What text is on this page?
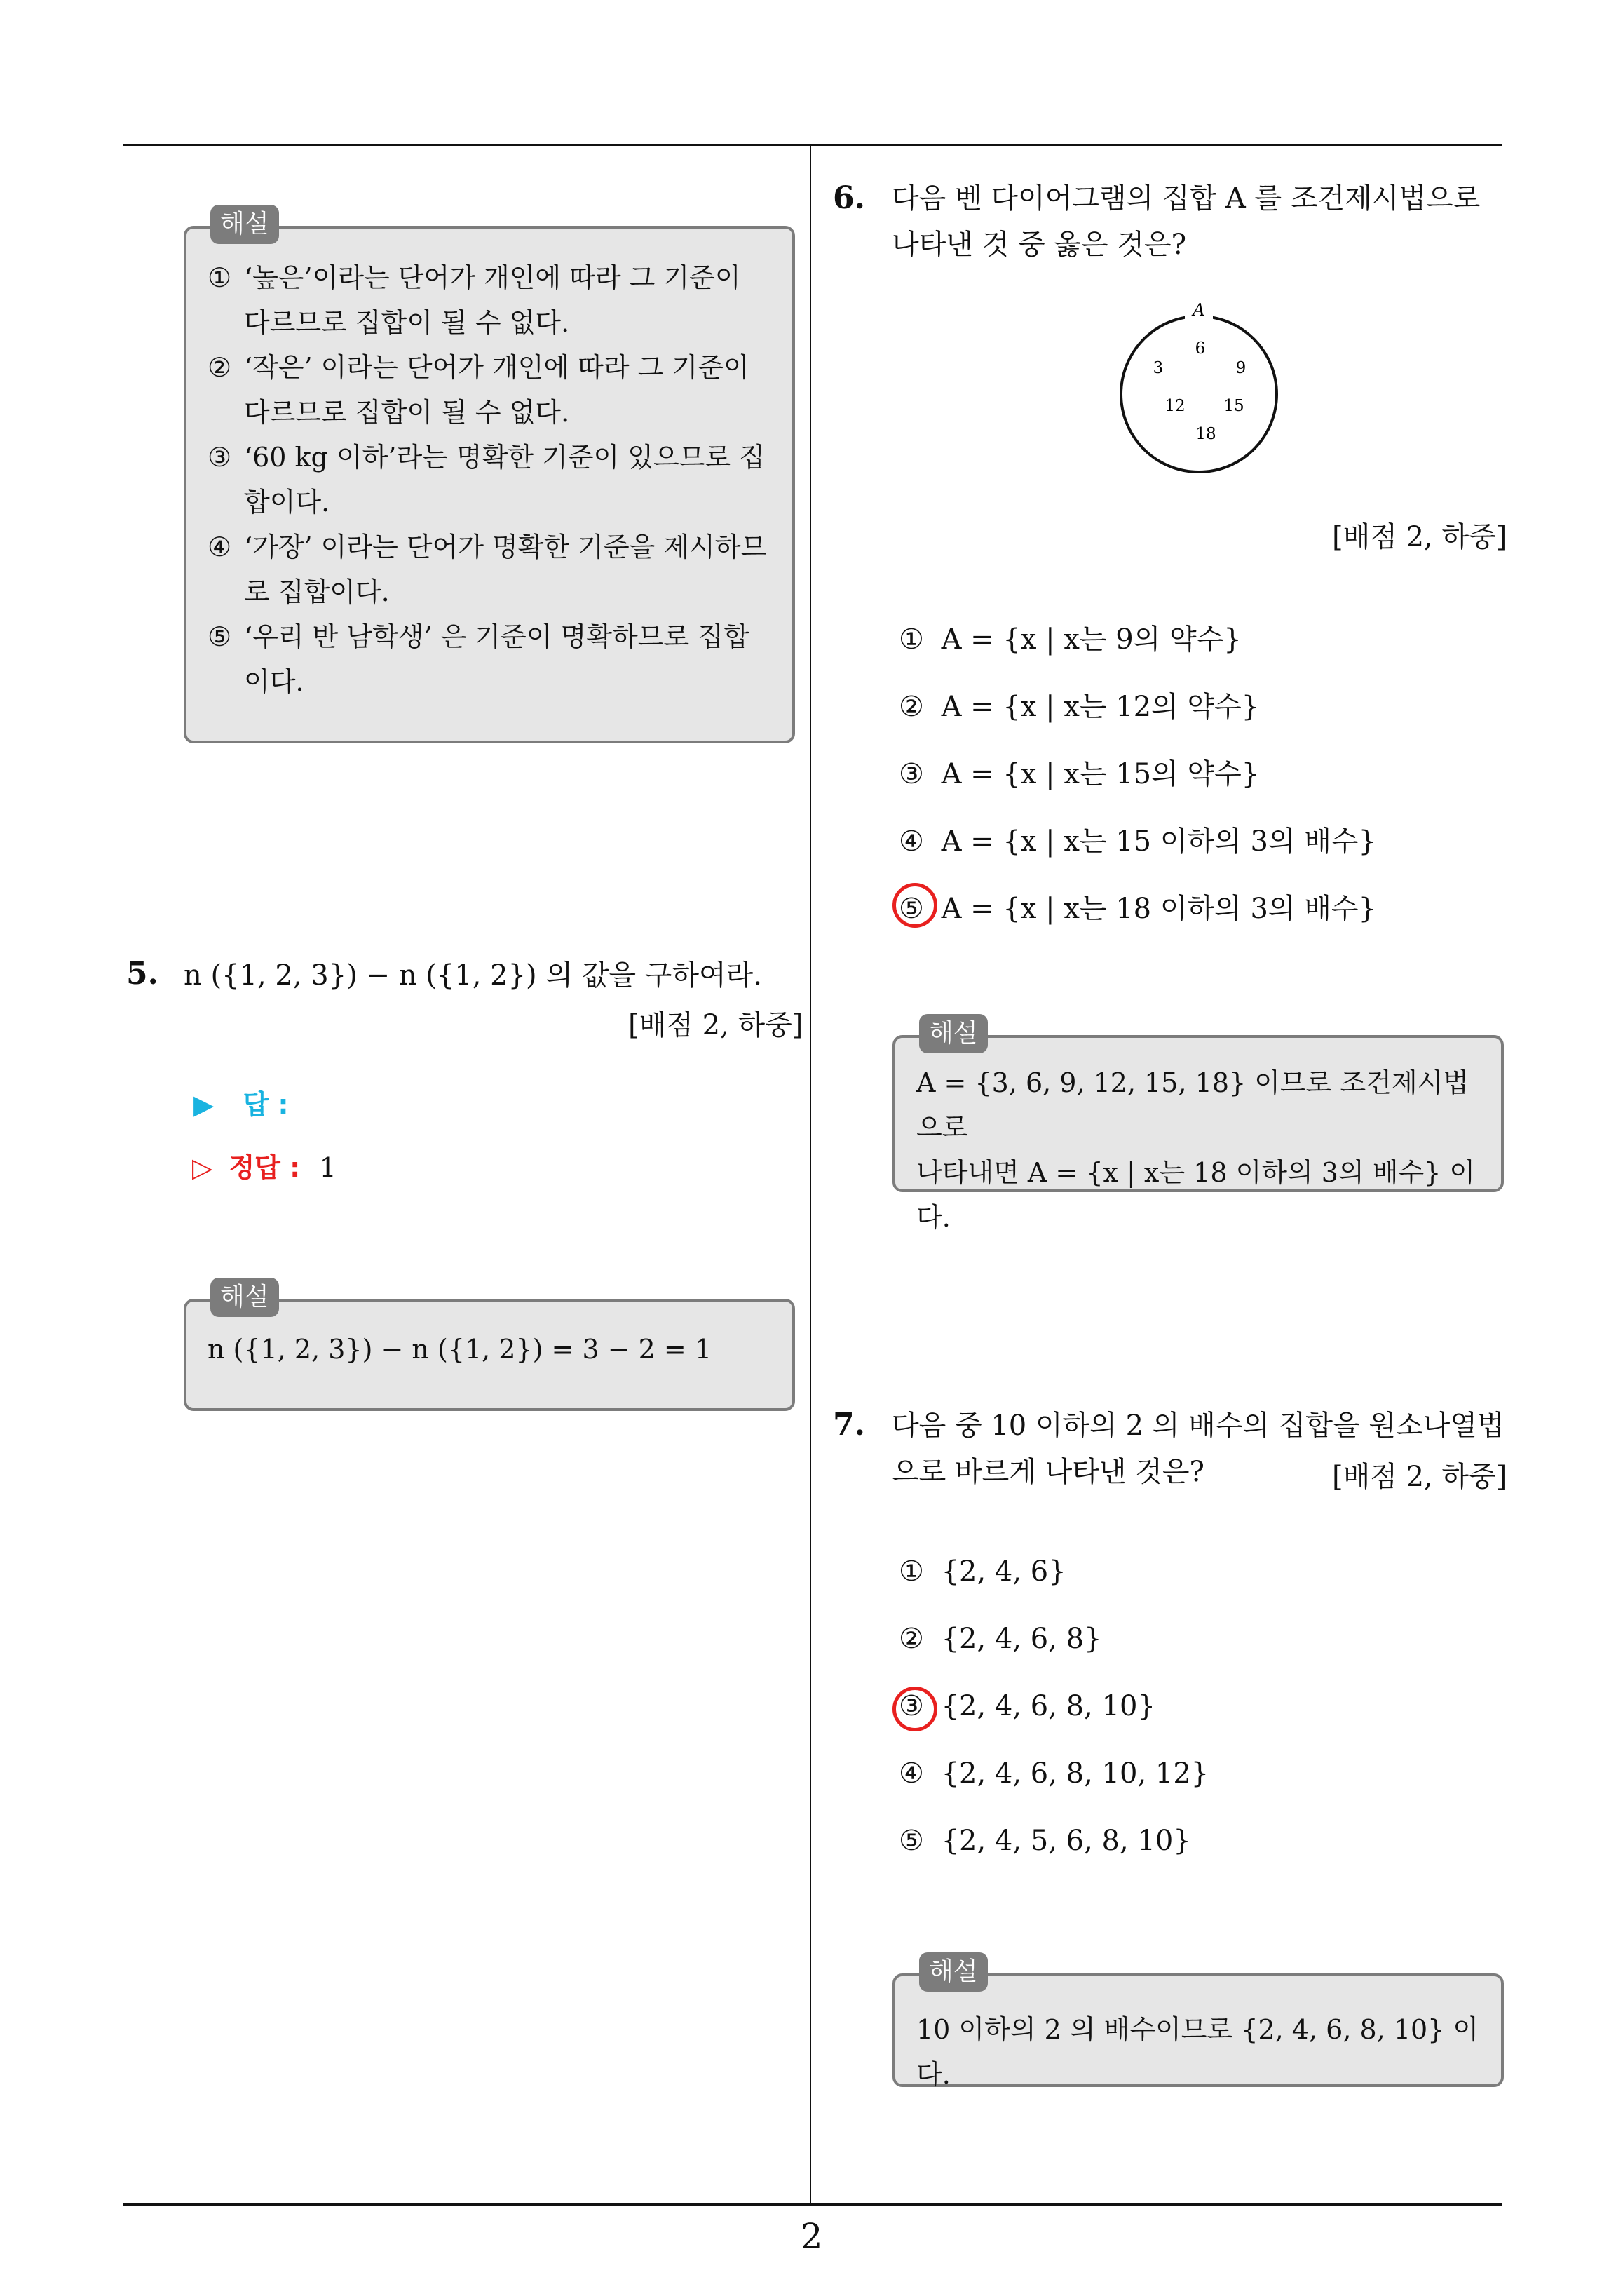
해설
① ‘높은’이라는 단어가 개인에 따라 그 기준이 다르므로 집합이 될 수 없다.
② ‘작은’ 이라는 단어가 개인에 따라 그 기준이 다르므로 집합이 될 수 없다.
③ ‘60 kg 이하’라는 명확한 기준이 있으므로 집합이다.
④ ‘가장’ 이라는 단어가 명확한 기준을 제시하므로 집합이다.
⑤ ‘우리 반 남학생’ 은 기준이 명확하므로 집합이다.
5. n ({1, 2, 3}) − n ({1, 2}) 의 값을 구하여라.
[배점 2, 하중]
▶ 답 :
▷ 정답 : 1
해설
n ({1, 2, 3}) − n ({1, 2}) = 3 − 2 = 1
6. 다음 벤 다이어그램의 집합 A 를 조건제시법으로 나타낸 것 중 옳은 것은?
A
6
3	9
12 15
18
[배점 2, 하중]
① A = {x | x는 9의 약수}
② A = {x | x는 12의 약수}
③ A = {x | x는 15의 약수}
④ A = {x | x는 15 이하의 3의 배수}
⑤ A = {x | x는 18 이하의 3의 배수}
해설
A = {3, 6, 9, 12, 15, 18} 이므로 조건제시법으로
나타내면 A = {x | x는 18 이하의 3의 배수} 이다.
7. 다음 중 10 이하의 2 의 배수의 집합을 원소나열법으로 바르게 나타낸 것은?	[배점 2, 하중]
① {2, 4, 6}
② {2, 4, 6, 8}
③ {2, 4, 6, 8, 10}
④ {2, 4, 6, 8, 10, 12}
⑤ {2, 4, 5, 6, 8, 10}
해설
10 이하의 2 의 배수이므로 {2, 4, 6, 8, 10} 이다.
2
